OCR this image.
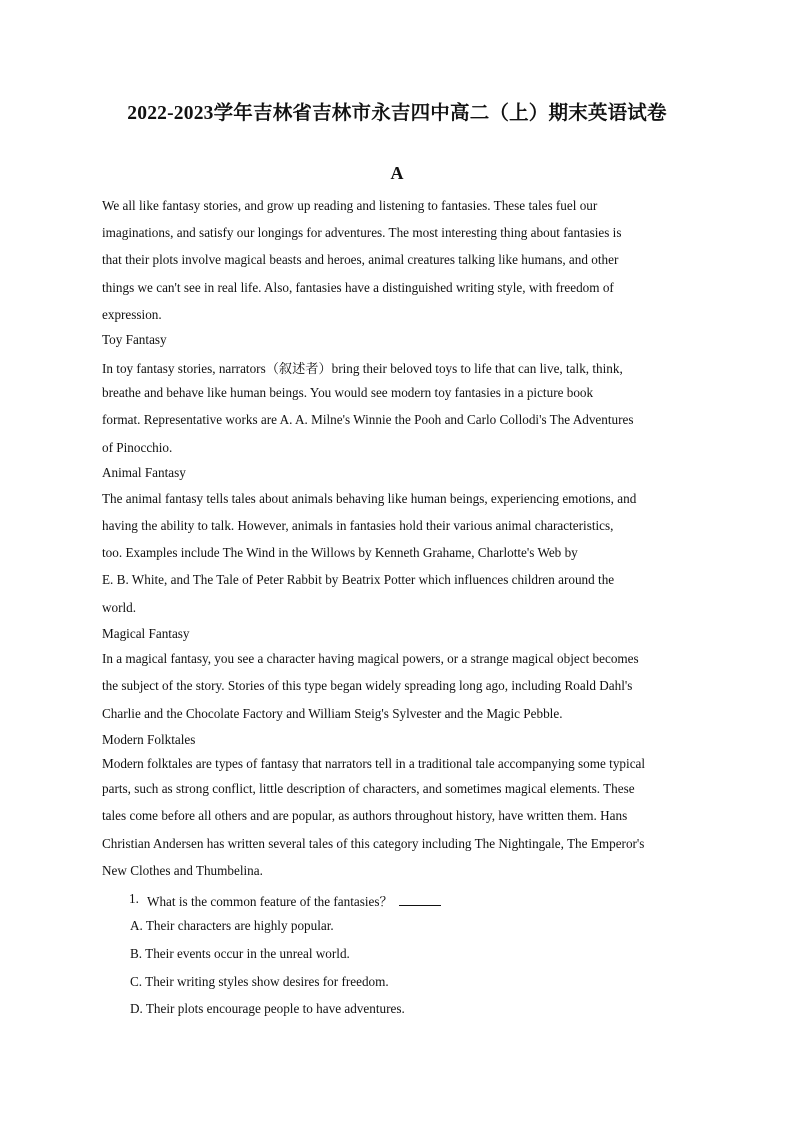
2022-2023学年吉林省吉林市永吉四中高二（上）期末英语试卷
A
We all like fantasy stories, and grow up reading and listening to fantasies. These tales fuel our
imaginations, and satisfy our longings for adventures. The most interesting thing about fantasies is
that their plots involve magical beasts and heroes, animal creatures talking like humans, and other
things we can't see in real life. Also, fantasies have a distinguished writing style, with freedom of
expression.
Toy Fantasy
In toy fantasy stories, narrators（叙述者）bring their beloved toys to life that can live, talk, think,
breathe and behave like human beings. You would see modern toy fantasies in a picture book
format. Representative works are A. A. Milne's Winnie the Pooh and Carlo Collodi's The Adventures
of Pinocchio.
Animal Fantasy
The animal fantasy tells tales about animals behaving like human beings, experiencing emotions, and
having the ability to talk. However, animals in fantasies hold their various animal characteristics,
too. Examples include The Wind in the Willows by Kenneth Grahame, Charlotte's Web by
E. B. White, and The Tale of Peter Rabbit by Beatrix Potter which influences children around the
world.
Magical Fantasy
In a magical fantasy, you see a character having magical powers, or a strange magical object becomes
the subject of the story. Stories of this type began widely spreading long ago, including Roald Dahl's
Charlie and the Chocolate Factory and William Steig's Sylvester and the Magic Pebble.
Modern Folktales
Modern folktales are types of fantasy that narrators tell in a traditional tale accompanying some typical
parts, such as strong conflict, little description of characters, and sometimes magical elements. These
tales come before all others and are popular, as authors throughout history, have written them. Hans
Christian Andersen has written several tales of this category including The Nightingale, The Emperor's
New Clothes and Thumbelina.
1. What is the common feature of the fantasies？
A. Their characters are highly popular.
B. Their events occur in the unreal world.
C. Their writing styles show desires for freedom.
D. Their plots encourage people to have adventures.
